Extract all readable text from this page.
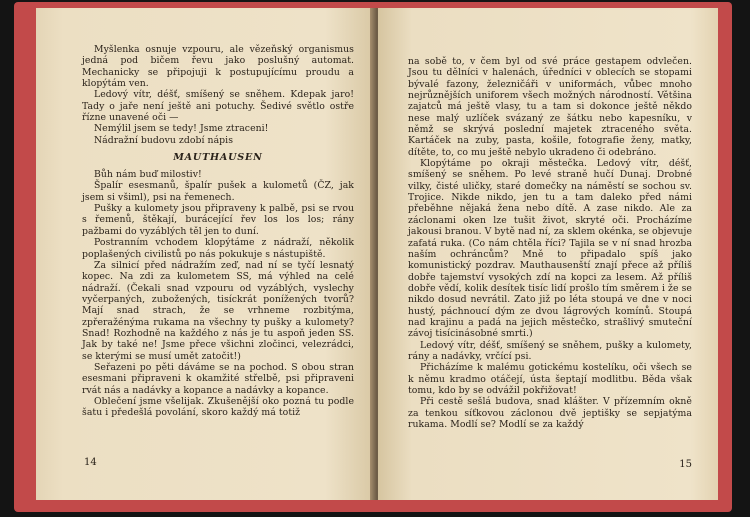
Myšlenka osnuje vzpouru, ale vězeňský organismus jedná pod bičem řevu jako poslušný automat. Mechanicky se připojuji k postupujícímu proudu a klopýtám ven.

Ledový vítr, déšť, smíšený se sněhem. Kdepak jaro! Tady o jaře není ještě ani potuchy. Šedivé světlo ostře řízne unavené oči —

Nemýlil jsem se tedy! Jsme ztraceni!

Nádražní budovu zdobí nápis

MAUTHAUSEN

Bůh nám buď milostiv!

Špalír esesmanů, špalír pušek a kulometů (ČZ, jak jsem si všiml), psi na řemenech.

Pušky a kulomety jsou připraveny k palbě, psi se rvou s řemenů, štěkají, burácející řev los los los; rány pažbami do vyzáblých těl jen to duní.

Postranním vchodem klopýtáme z nádraží, několik poplašených civilistů po nás pokukuje s nástupiště.

Za silnicí před nádražím zeď, nad ní se tyčí lesnatý kopec. Na zdi za kulometem SS, má výhled na celé nádraží. (Čekali snad vzpouru od vyzáblých, vyslechy vyčerpaných, zubožených, tisíckrát ponížených tvorů? Mají snad strach, že se vrhneme rozbitýma, zpřeražénýma rukama na všechny ty pušky a kulomety? Snad! Rozhodně na každého z nás je tu aspoň jeden SS. Jak by také ne! Jsme přece všichni zločinci, velezrádci, se kterými se musí umět zatočit!)

Seřazeni po pěti dáváme se na pochod. S obou stran esesmani připraveni k okamžité střelbě, psi připraveni rvát nás a nadávky a kopance a nadávky a kopance.

Oblečení jsme všelijak. Zkušenější oko pozná tu podle šatu i předešlá povolání, skoro každý má totiž

14

na sobě to, v čem byl od své práce gestapem odvlečen. Jsou tu dělníci v halenách, úředníci v oblecích se stopami bývalé fazony, železničáři v uniformách, vůbec mnoho nejrůznějších uniforem všech možných národností. Většina zajatců má ještě vlasy, tu a tam si dokonce ještě někdo nese malý uzlíček svázaný ze šátku nebo kapesníku, v němž se skrývá poslední majetek ztraceného světa. Kartáček na zuby, pasta, košile, fotografie ženy, matky, dítěte, to, co mu ještě nebylo ukradeno či odebráno.

Klopýtáme po okraji městečka. Ledový vítr, déšť, smíšený se sněhem. Po levé straně hučí Dunaj. Drobné vilky, čisté uličky, staré domečky na náměstí se sochou sv. Trojice. Nikde nikdo, jen tu a tam daleko před námi přeběhne nějaká žena nebo dítě. A zase nikdo. Ale za záclonami oken lze tušit život, skryté oči. Procházíme jakousi branou. V bytě nad ní, za sklem okénka, se objevuje zafatá ruka. (Co nám chtěla říci? Tajila se v ní snad hrozba naším ochráncům? Mně to připadalo spíš jako komunistický pozdrav. Mauthausenští znají přece až příliš dobře tajemství vysokých zdí na kopci za lesem. Až příliš dobře vědí, kolik desítek tisíc lidí prošlo tím směrem i že se nikdo dosud nevrátil. Zato již po léta stoupá ve dne v noci hustý, páchnoucí dým ze dvou lágrových komínů. Stoupá nad krajinu a padá na jejich městečko, strašlivý smuteční závoj tisícinásobné smrti.)

Ledový vítr, déšť, smíšený se sněhem, pušky a kulomety, rány a nadávky, vrčící psi.

Přicházíme k malému gotickému kostelíku, oči všech se k němu kradmo otáčejí, ústa šeptají modlitbu. Běda však tomu, kdo by se odvážil pokřižovat!

Při cestě sešlá budova, snad klášter. V přízemním okně za tenkou síťkovou záclonou dvě jeptišky se sepjatýma rukama. Modlí se? Modlí se za každý

15
